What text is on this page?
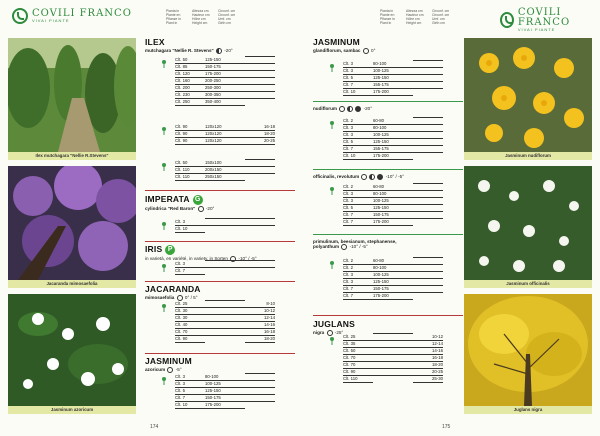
COVILI FRANCO
VIVAI PIANTE
Pianta in
Plante en
Pflanze in
Plant in
Altezza cm
Hauteur cm
Höhe cm
Height cm
Circonf. cm
Circonf. cm
Umf. cm
Girth cm
Pianta in
Plante en
Pflanze in
Plant in
Altezza cm
Hauteur cm
Höhe cm
Height cm
Circonf. cm
Circonf. cm
Umf. cm
Girth cm
COVILI FRANCO
VIVAI PIANTE
Ilex mutchagara "Nellie R.Stevens"
Jacaranda mimosaefolia
Jasminum azoricum
Jasminum nudiflorum
Jasminum officinalis
Juglans nigra
ILEX
mutchagara "Nellie R. Stevens" -20°
Clt. 50	125-150
Clt. 85	150-175
Clt. 120	175-200
Clt. 160	200-250
Clt. 200	250-300
Clt. 230	300-350
Clt. 250	350-400
Clt. 90	120x120	16-18
Clt. 90	120x120	18-20
Clt. 90	120x120	20-25
Clt. 50	150x100
Clt. 110	200x150
Clt. 110	250x150
IMPERATA G
cylindrica "Red Baron" -20°
Clt. 3
Clt. 10
IRIS P
in varietà, en variété, in variety, in Sorten -10° / -5°
Clt. 3
Clt. 7
JACARANDA
mimosaefolia 0° / 5°
Clt. 25	8-10
Clt. 30	10-12
Clt. 30	12-14
Clt. 40	14-16
Clt. 70	16-18
Clt. 90	18-20
JASMINUM
azoricum -5°
Clt. 3	80-100
Clt. 3	100-125
Clt. 5	125-150
Clt. 7	150-175
Clt. 10	175-200
174
JASMINUM
glandiflorum, sambac 0°
Clt. 3	80-100
Clt. 3	100-125
Clt. 5	125-150
Clt. 7	155-175
Clt. 10	175-200
nudiflorum	-20°
Clt. 2	60-80
Clt. 3	80-100
Clt. 3	100-125
Clt. 5	125-150
Clt. 7	155-175
Clt. 10	175-200
officinalis, revolutum	-10° / -5°
Clt. 2	60-80
Clt. 3	80-100
Clt. 3	100-125
Clt. 5	125-150
Clt. 7	150-175
Clt. 7	175-200
primulinum, beesianum, stephanense, polyanthum -10° / -5°
Clt. 2	60-80
Clt. 2	80-100
Clt. 3	100-125
Clt. 3	125-150
Clt. 7	150-175
Clt. 7	175-200
JUGLANS
nigra -25°
Clt. 25	10-12
Clt. 35	12-14
Clt. 50	14-16
Clt. 70	16-18
Clt. 70	18-20
Clt. 90	20-25
Clt. 110	25-30
175
